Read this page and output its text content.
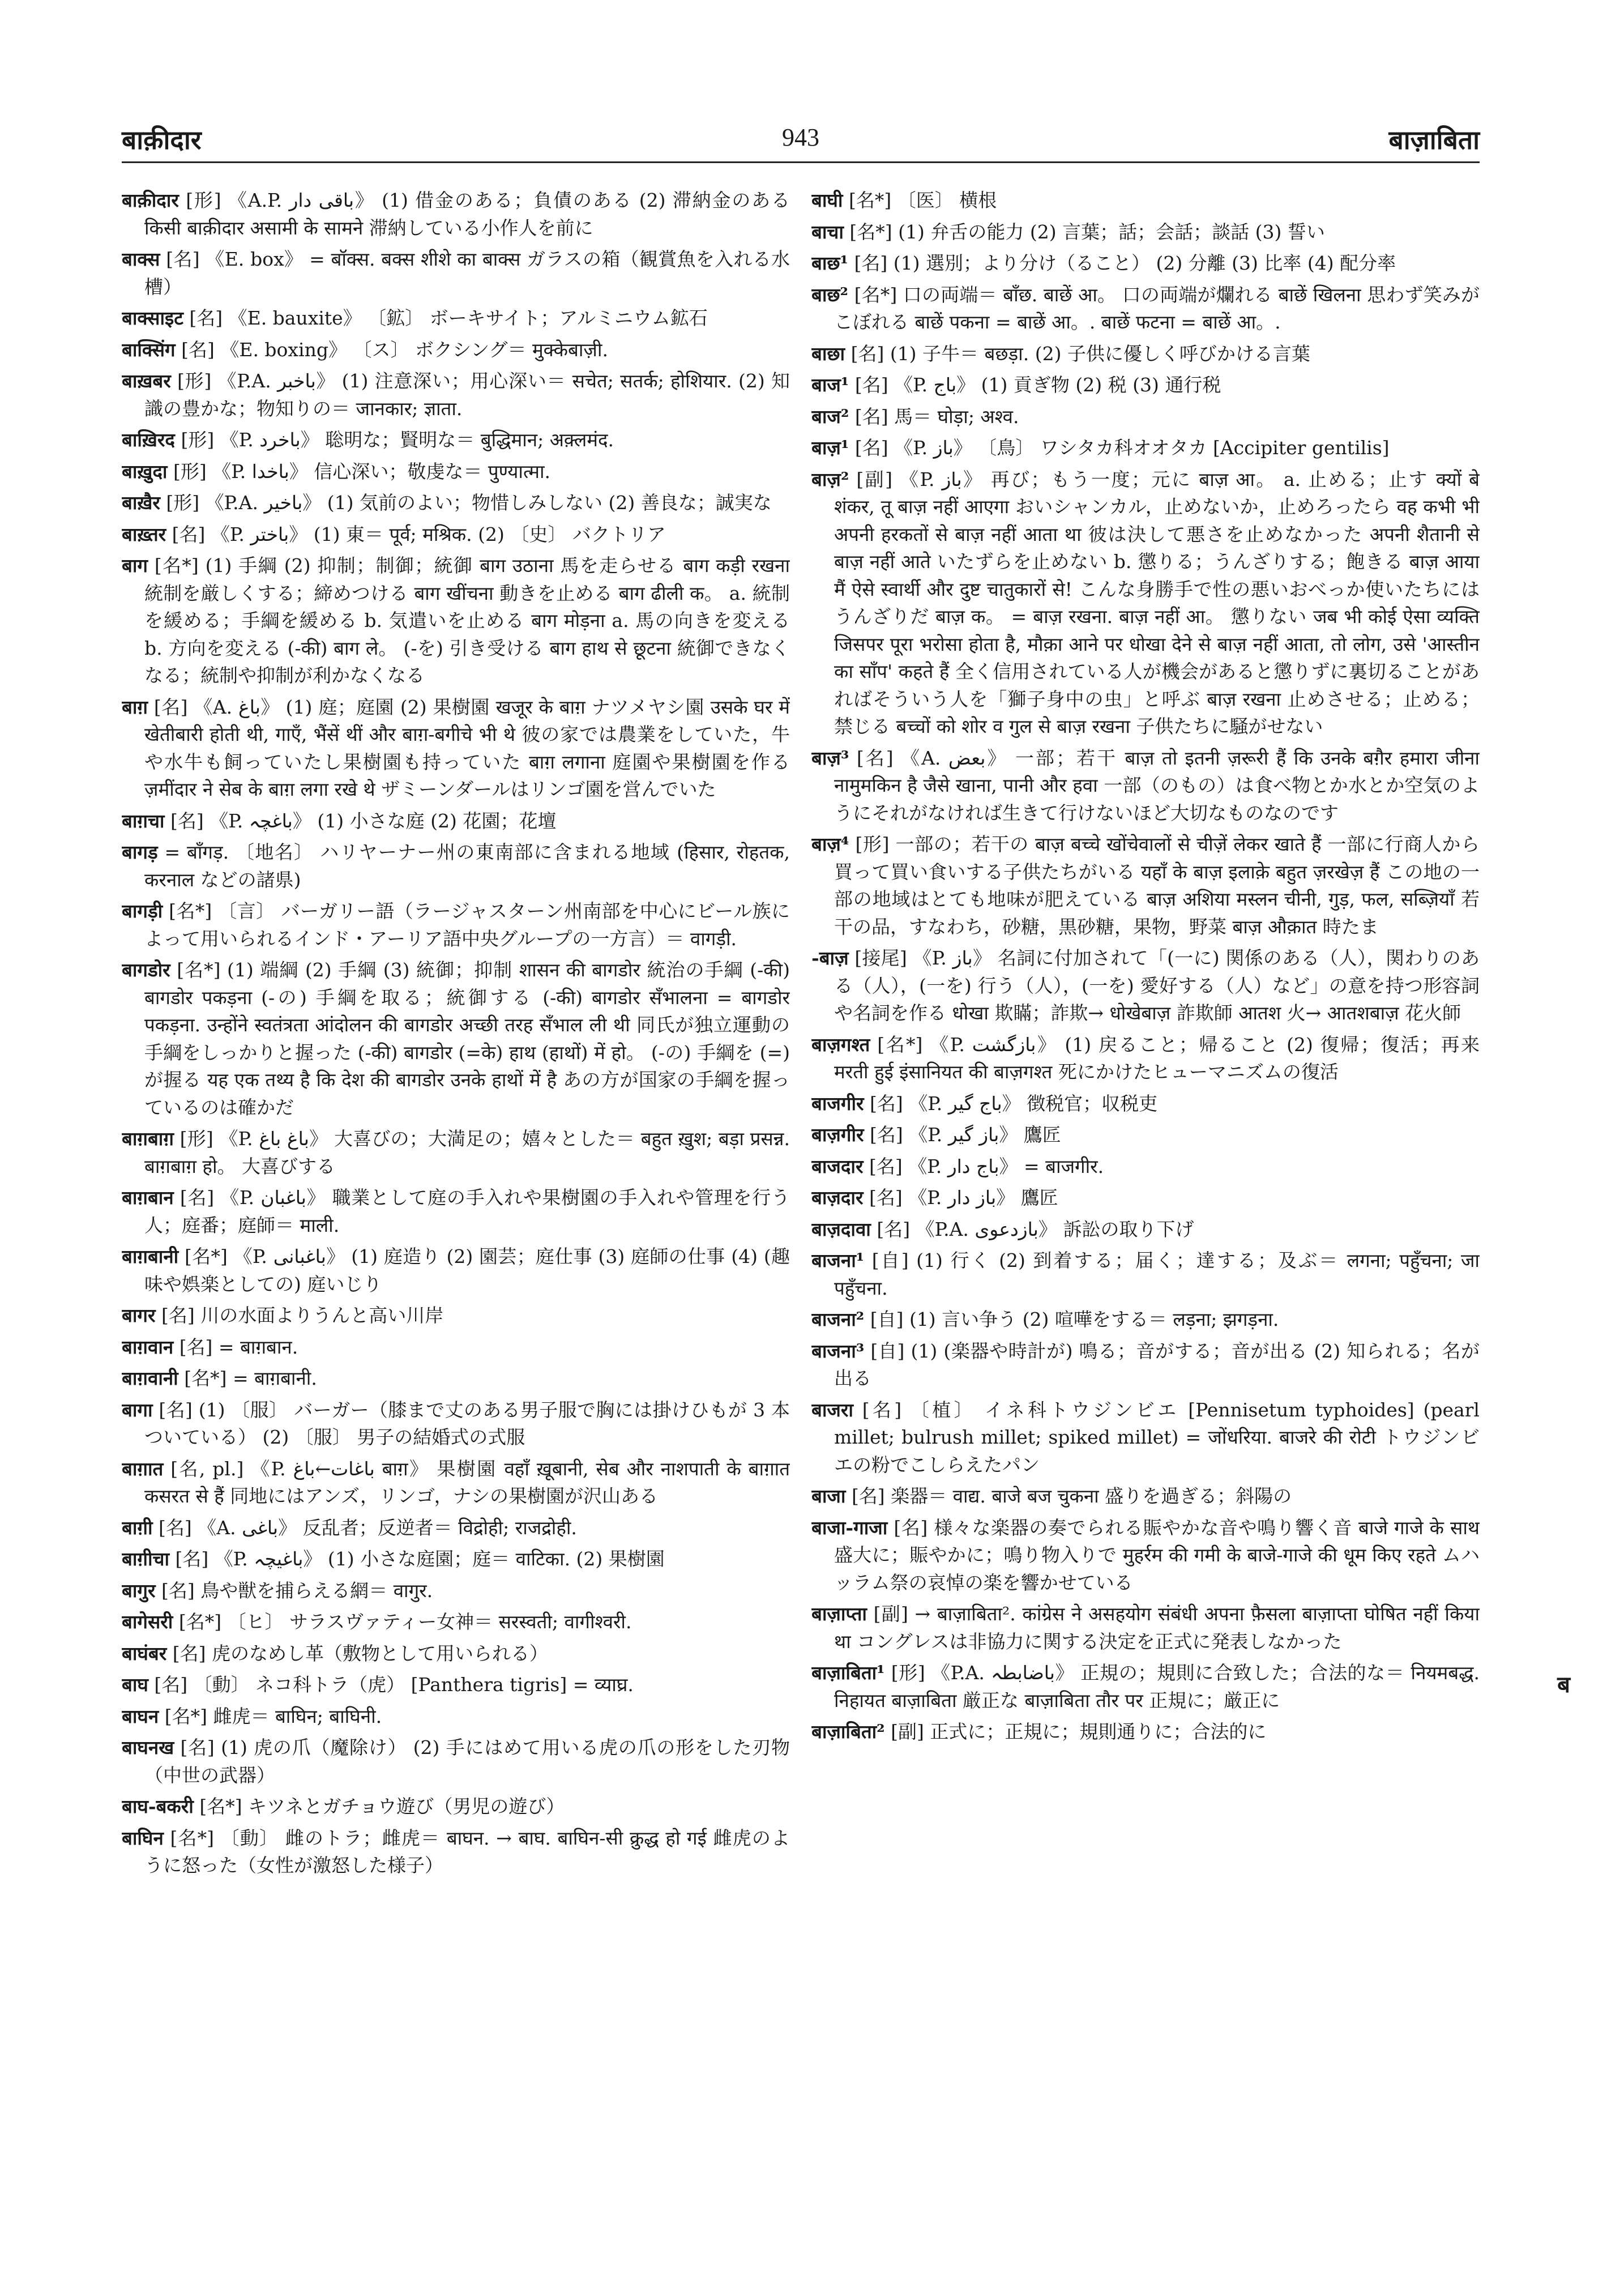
बाक़ीदार	943	बाज़ाबिता

बाक़ीदार [形] 《A.P. باقی دار》 (1) 借金のある；負債のある (2) 滞納金のある किसी बाक़ीदार असामी के सामने 滞納している小作人を前に

बाक्स [名] 《E. box》 = बॉक्स. बक्स शीशे का बाक्स ガラスの箱（観賞魚を入れる水槽）

बाक्साइट [名] 《E. bauxite》 〔鉱〕 ボーキサイト；アルミニウム鉱石

बाक्सिंग [名] 《E. boxing》 〔ス〕 ボクシング＝ मुक्केबाज़ी.

बाख़बर [形] 《P.A. باخبر》 (1) 注意深い；用心深い＝ सचेत; सतर्क; होशियार. (2) 知識の豊かな；物知りの＝ जानकार; ज्ञाता.

बाख़िरद [形] 《P. باخرد》 聡明な；賢明な＝ बुद्धिमान; अक़्लमंद.

बाख़ुदा [形] 《P. باخدا》 信心深い；敬虔な＝ पुण्यात्मा.

बाख़ैर [形] 《P.A. باخیر》 (1) 気前のよい；物惜しみしない (2) 善良な；誠実な

बाख़्तर [名] 《P. باختر》 (1) 東＝ पूर्व; मश्रिक. (2) 〔史〕 バクトリア

बाग [名*] (1) 手綱 (2) 抑制；制御；統御 बाग उठाना 馬を走らせる बाग कड़ी रखना 統制を厳しくする；締めつける बाग खींचना 動きを止める बाग ढीली क。 a. 統制を緩める；手綱を緩める b. 気遣いを止める बाग मोड़ना a. 馬の向きを変える b. 方向を変える (-की) बाग ले。 (-を) 引き受ける बाग हाथ से छूटना 統御できなくなる；統制や抑制が利かなくなる

बाग़ [名] 《A. باغ》 (1) 庭；庭園 (2) 果樹園 खजूर के बाग़ ナツメヤシ園 उसके घर में खेतीबारी होती थी, गाएँ, भैंसें थीं और बाग़-बगीचे भी थे 彼の家では農業をしていた，牛や水牛も飼っていたし果樹園も持っていた बाग़ लगाना 庭園や果樹園を作る ज़मींदार ने सेब के बाग़ लगा रखे थे ザミーンダールはリンゴ園を営んでいた

बाग़चा [名] 《P. باغچہ》 (1) 小さな庭 (2) 花園；花壇

बागड़ = बाँगड़. 〔地名〕 ハリヤーナー州の東南部に含まれる地域 (हिसार, रोहतक, करनाल などの諸県)

बागड़ी [名*] 〔言〕 バーガリー語（ラージャスターン州南部を中心にビール族によって用いられるインド・アーリア語中央グループの一方言）＝ वागड़ी.

बागडोर [名*] (1) 端綱 (2) 手綱 (3) 統御；抑制 शासन की बागडोर 統治の手綱 (-की) बागडोर पकड़ना (-の) 手綱を取る；統御する (-की) बागडोर सँभालना = बागडोर पकड़ना. उन्होंने स्वतंत्रता आंदोलन की बागडोर अच्छी तरह सँभाल ली थी 同氏が独立運動の手綱をしっかりと握った (-की) बागडोर (=के) हाथ (हाथों) में हो。 (-の) 手綱を (=) が握る यह एक तथ्य है कि देश की बागडोर उनके हाथों में है あの方が国家の手綱を握っているのは確かだ

बाग़बाग़ [形] 《P. باغ باغ》 大喜びの；大満足の；嬉々とした＝ बहुत ख़ुश; बड़ा प्रसन्न. बाग़बाग़ हो。 大喜びする

बाग़बान [名] 《P. باغبان》 職業として庭の手入れや果樹園の手入れや管理を行う人；庭番；庭師＝ माली.

बाग़बानी [名*] 《P. باغبانی》 (1) 庭造り (2) 園芸；庭仕事 (3) 庭師の仕事 (4) (趣味や娯楽としての) 庭いじり

बागर [名] 川の水面よりうんと高い川岸

बाग़वान [名] = बाग़बान.

बाग़वानी [名*] = बाग़बानी.

बागा [名] (1) 〔服〕 バーガー（膝まで丈のある男子服で胸には掛けひもが 3 本ついている） (2) 〔服〕 男子の結婚式の式服

बाग़ात [名, pl.] 《P. باغات←باغ बाग़》 果樹園 वहाँ ख़ूबानी, सेब और नाशपाती के बाग़ात कसरत से हैं 同地にはアンズ，リンゴ，ナシの果樹園が沢山ある

बाग़ी [名] 《A. باغی》 反乱者；反逆者＝ विद्रोही; राजद्रोही.

बाग़ीचा [名] 《P. باغیچہ》 (1) 小さな庭園；庭＝ वाटिका. (2) 果樹園

बागुर [名] 鳥や獣を捕らえる網＝ वागुर.

बागेसरी [名*] 〔ヒ〕 サラスヴァティー女神＝ सरस्वती; वागीश्वरी.

बाघंबर [名] 虎のなめし革（敷物として用いられる）

बाघ [名] 〔動〕 ネコ科トラ（虎） [Panthera tigris] = व्याघ्र.

बाघन [名*] 雌虎＝ बाघिन; बाघिनी.

बाघनख [名] (1) 虎の爪（魔除け） (2) 手にはめて用いる虎の爪の形をした刃物（中世の武器）

बाघ-बकरी [名*] キツネとガチョウ遊び（男児の遊び）

बाघिन [名*] 〔動〕 雌のトラ；雌虎＝ बाघन. → बाघ. बाघिन-सी क्रुद्ध हो गई 雌虎のように怒った（女性が激怒した様子）

बाघी [名*] 〔医〕 横根

बाचा [名*] (1) 弁舌の能力 (2) 言葉；話；会話；談話 (3) 誓い

बाछ¹ [名] (1) 選別；より分け（ること） (2) 分離 (3) 比率 (4) 配分率

बाछ² [名*] 口の両端＝ बाँछ. बाछें आ。 口の両端が爛れる बाछें खिलना 思わず笑みがこぼれる बाछें पकना = बाछें आ。. बाछें फटना = बाछें आ。.

बाछा [名] (1) 子牛＝ बछड़ा. (2) 子供に優しく呼びかける言葉

बाज¹ [名] 《P. باج》 (1) 貢ぎ物 (2) 税 (3) 通行税

बाज² [名] 馬＝ घोड़ा; अश्व.

बाज़¹ [名] 《P. باز》 〔鳥〕 ワシタカ科オオタカ [Accipiter gentilis]

बाज़² [副] 《P. باز》 再び；もう一度；元に बाज़ आ。 a. 止める；止す क्यों बे शंकर, तू बाज़ नहीं आएगा おいシャンカル，止めないか，止めろったら वह कभी भी अपनी हरकतों से बाज़ नहीं आता था 彼は決して悪さを止めなかった अपनी शैतानी से बाज़ नहीं आते いたずらを止めない b. 懲りる；うんざりする；飽きる बाज़ आया मैं ऐसे स्वार्थी और दुष्ट चातुकारों से! こんな身勝手で性の悪いおべっか使いたちにはうんざりだ बाज़ क。 = बाज़ रखना. बाज़ नहीं आ。 懲りない जब भी कोई ऐसा व्यक्ति जिसपर पूरा भरोसा होता है, मौक़ा आने पर धोखा देने से बाज़ नहीं आता, तो लोग, उसे 'आस्तीन का साँप' कहते हैं 全く信用されている人が機会があると懲りずに裏切ることがあればそういう人を「獅子身中の虫」と呼ぶ बाज़ रखना 止めさせる；止める；禁じる बच्चों को शोर व गुल से बाज़ रखना 子供たちに騒がせない

बाज़³ [名] 《A. بعض》 一部；若干 बाज़ तो इतनी ज़रूरी हैं कि उनके बग़ैर हमारा जीना नामुमकिन है जैसे खाना, पानी और हवा 一部（のもの）は食べ物とか水とか空気のようにそれがなければ生きて行けないほど大切なものなのです

बाज़⁴ [形] 一部の；若干の बाज़ बच्चे खोंचेवालों से चीज़ें लेकर खाते हैं 一部に行商人から買って買い食いする子供たちがいる यहाँ के बाज़ इलाक़े बहुत ज़रखेज़ हैं この地の一部の地域はとても地味が肥えている बाज़ अशिया मस्लन चीनी, गुड़, फल, सब्ज़ियाँ 若干の品，すなわち，砂糖，黒砂糖，果物，野菜 बाज़ औक़ात 時たま

-बाज़ [接尾] 《P. باز》 名詞に付加されて「(一に) 関係のある（人），関わりのある（人），(一を) 行う（人），(一を) 愛好する（人）など」の意を持つ形容詞や名詞を作る धोखा 欺瞞；詐欺→ धोखेबाज़ 詐欺師 आतश 火→ आतशबाज़ 花火師

बाज़गश्त [名*] 《P. بازگشت》 (1) 戻ること；帰ること (2) 復帰；復活；再来 मरती हुई इंसानियत की बाज़गश्त 死にかけたヒューマニズムの復活

बाजगीर [名] 《P. باج گیر》 徴税官；収税吏

बाज़गीर [名] 《P. باز گیر》 鷹匠

बाजदार [名] 《P. باج دار》 = बाजगीर.

बाज़दार [名] 《P. باز دار》 鷹匠

बाज़दावा [名] 《P.A. بازدعوی》 訴訟の取り下げ

बाजना¹ [自] (1) 行く (2) 到着する；届く；達する；及ぶ＝ लगना; पहुँचना; जा पहुँचना.

बाजना² [自] (1) 言い争う (2) 喧嘩をする＝ लड़ना; झगड़ना.

बाजना³ [自] (1) (楽器や時計が) 鳴る；音がする；音が出る (2) 知られる；名が出る

बाजरा [名] 〔植〕 イネ科トウジンビエ [Pennisetum typhoides] (pearl millet; bulrush millet; spiked millet) = जोंधरिया. बाजरे की रोटी トウジンビエの粉でこしらえたパン

बाजा [名] 楽器＝ वाद्य. बाजे बज चुकना 盛りを過ぎる；斜陽の

बाजा-गाजा [名] 様々な楽器の奏でられる賑やかな音や鳴り響く音 बाजे गाजे के साथ 盛大に；賑やかに；鳴り物入りで मुहर्रम की गमी के बाजे-गाजे की धूम किए रहते ムハッラム祭の哀悼の楽を響かせている

बाज़ाप्ता [副] → बाज़ाबिता². कांग्रेस ने असहयोग संबंधी अपना फ़ैसला बाज़ाप्ता घोषित नहीं किया था コングレスは非協力に関する決定を正式に発表しなかった

बाज़ाबिता¹ [形] 《P.A. باضابطہ》 正規の；規則に合致した；合法的な＝ नियमबद्ध. निहायत बाज़ाबिता 厳正な बाज़ाबिता तौर पर 正規に；厳正に

बाज़ाबिता² [副] 正式に；正規に；規則通りに；合法的に

ब
